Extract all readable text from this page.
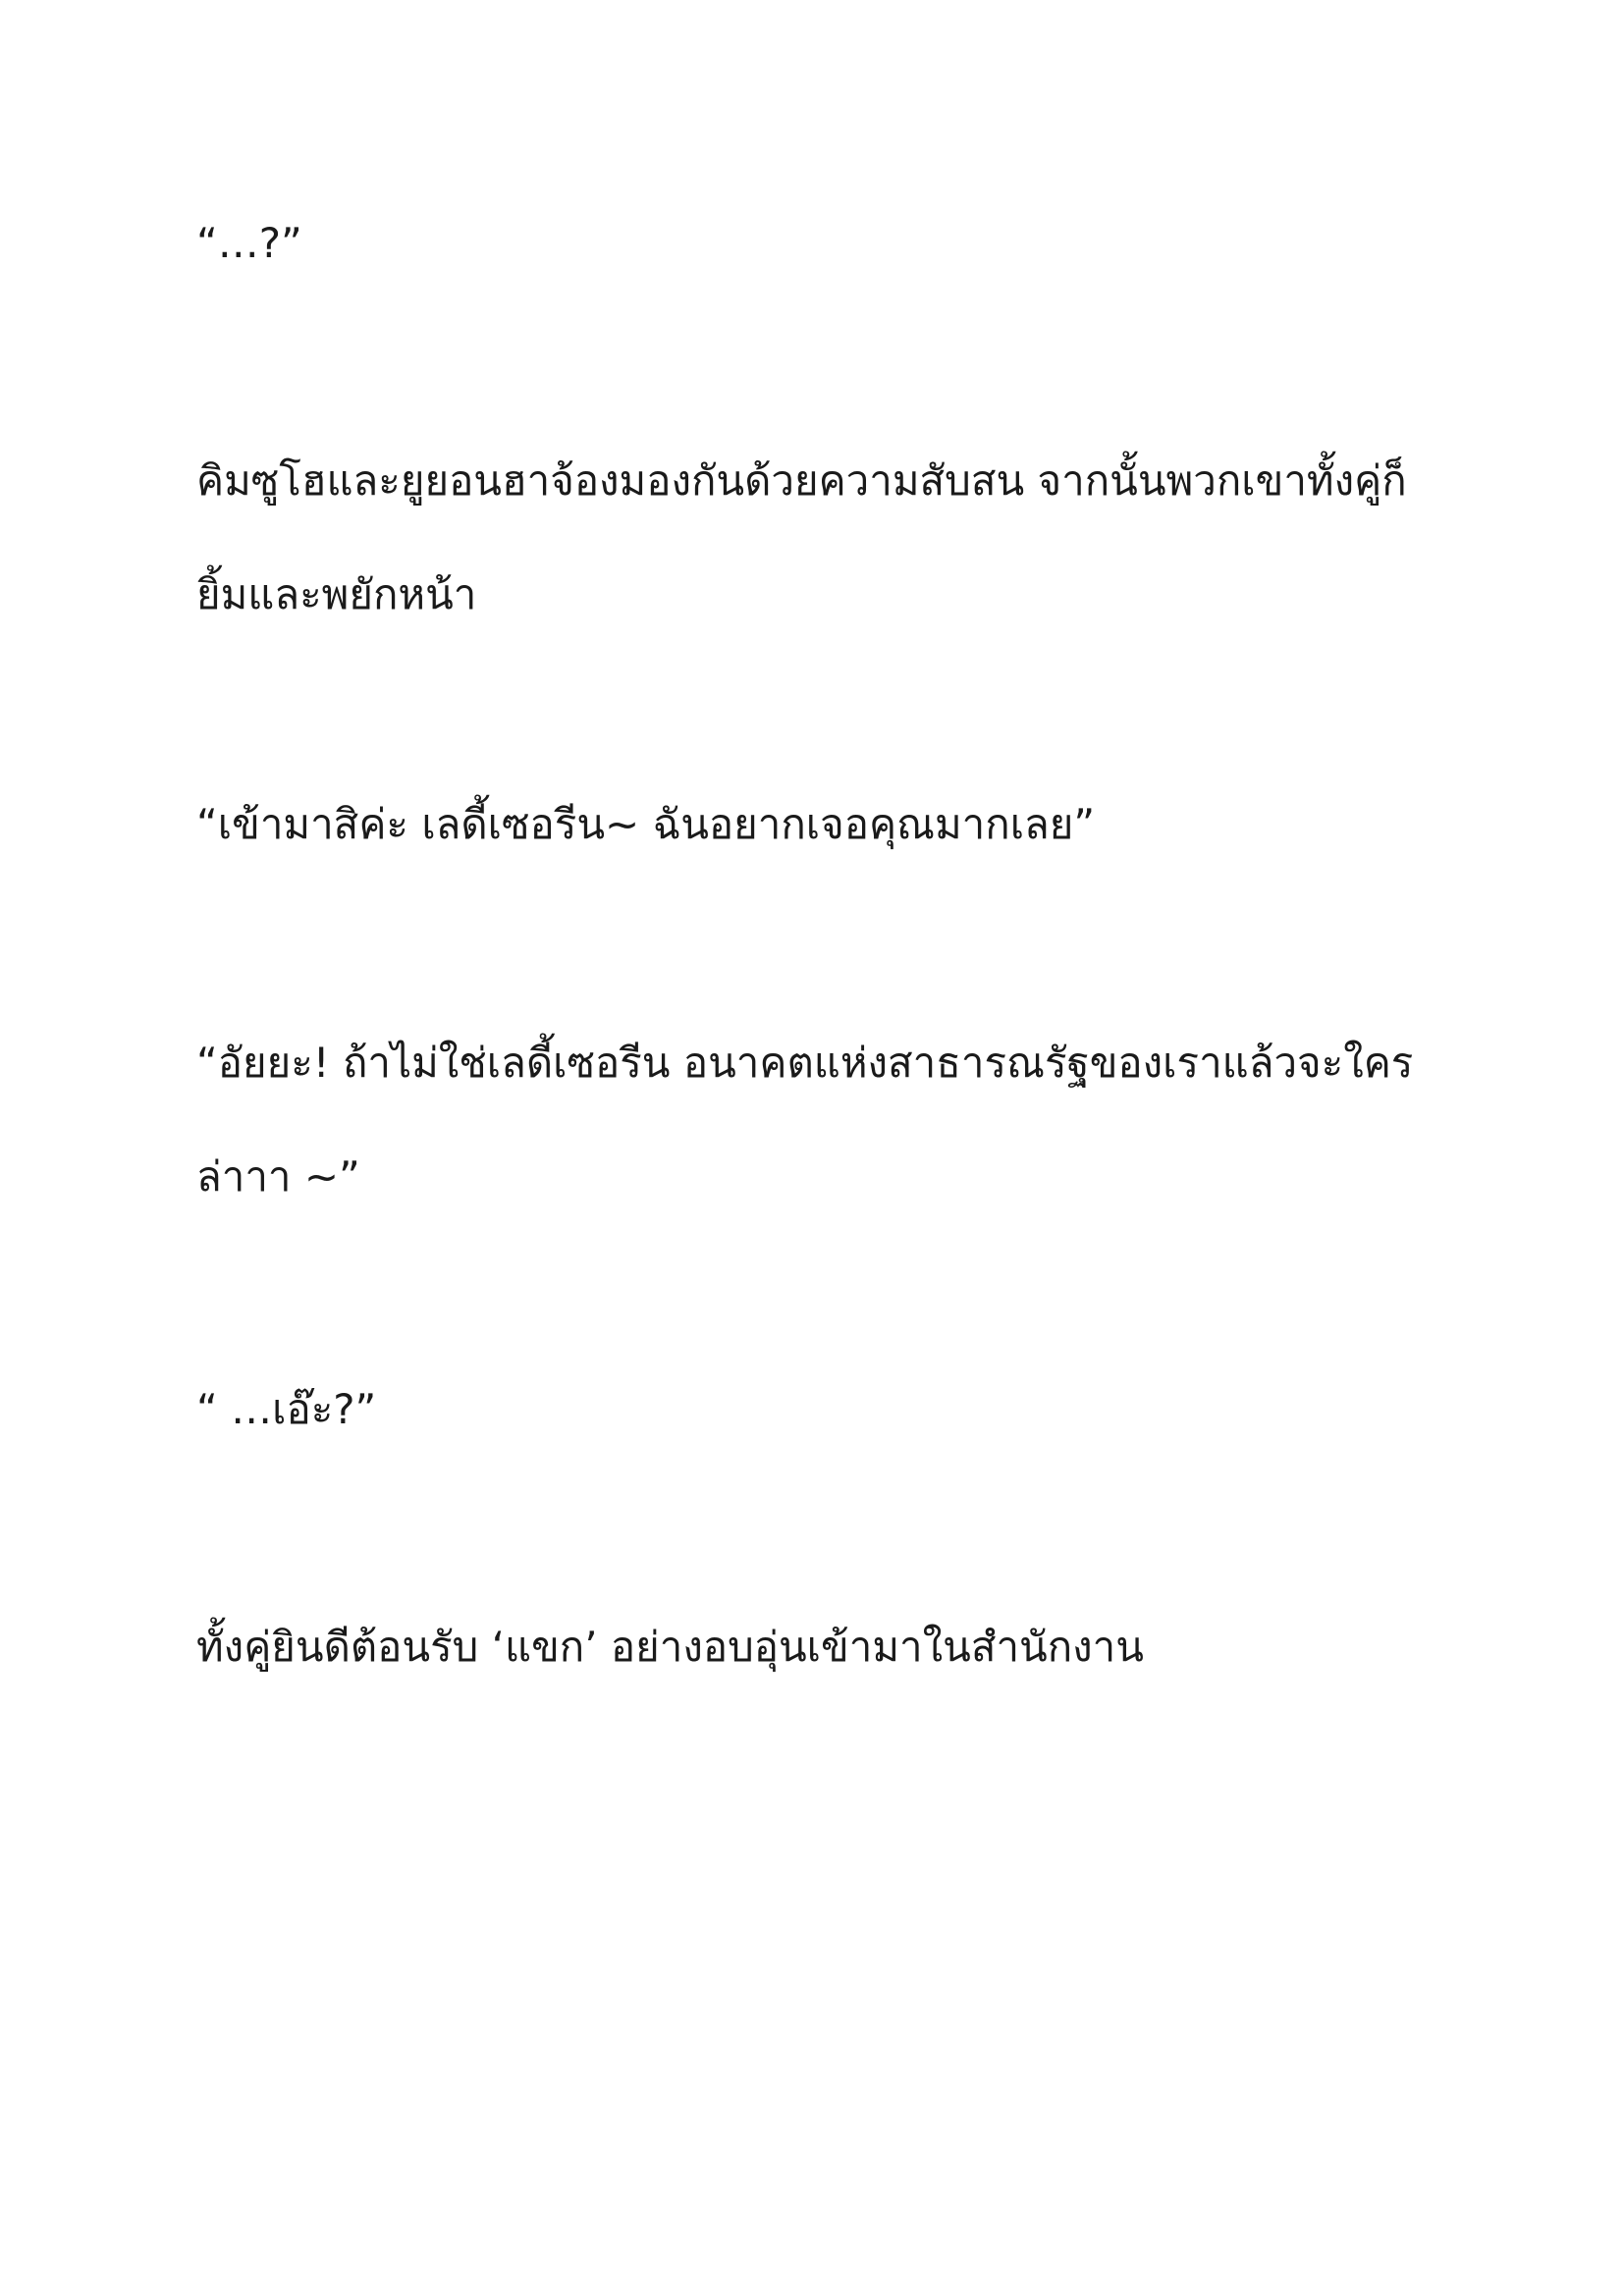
“…?”

คิมซูโฮและยูยอนฮาจ้องมองกันด้วยความสับสน จากนั้นพวกเขาทั้งคู่ก็ยิ้มและพยักหน้า

“เข้ามาสิค่ะ เลดี้เซอรีน~ ฉันอยากเจอคุณมากเลย”

“อัยยะ! ถ้าไม่ใช่เลดี้เซอรีน อนาคตแห่งสาธารณรัฐของเราแล้วจะใครล่าาา ~”

“ …เอ๊ะ?”

ทั้งคู่ยินดีต้อนรับ ‘แขก’ อย่างอบอุ่นเข้ามาในสำนักงาน
